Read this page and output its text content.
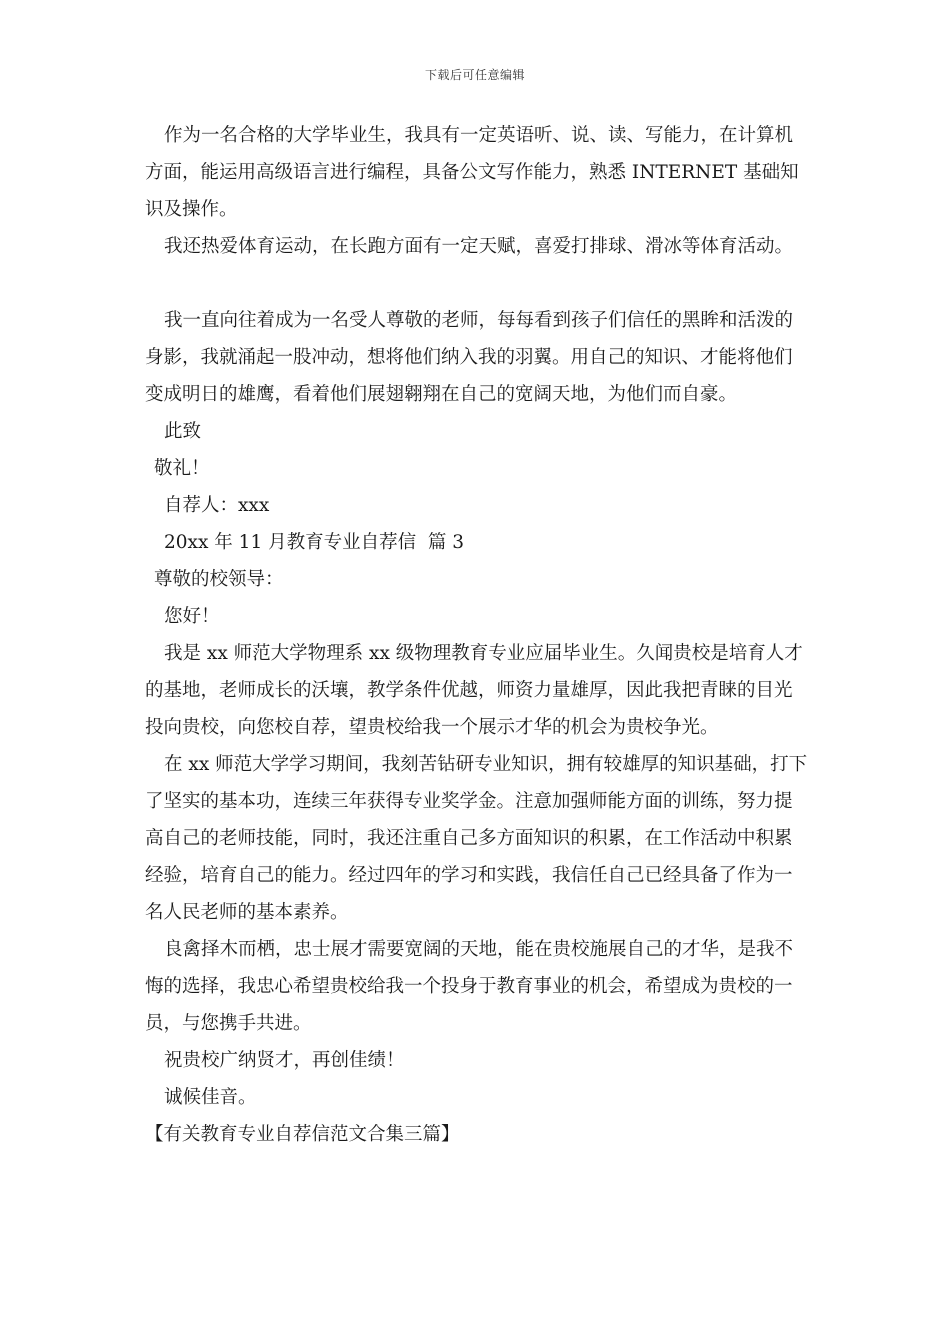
下载后可任意编辑

作为一名合格的大学毕业生，我具有一定英语听、说、读、写能力，在计算机方面，能运用高级语言进行编程，具备公文写作能力，熟悉 INTERNET 基础知识及操作。

我还热爱体育运动，在长跑方面有一定天赋，喜爱打排球、滑冰等体育活动。

我一直向往着成为一名受人尊敬的老师，每每看到孩子们信任的黑眸和活泼的身影，我就涌起一股冲动，想将他们纳入我的羽翼。用自己的知识、才能将他们变成明日的雄鹰，看着他们展翅翱翔在自己的宽阔天地，为他们而自豪。

此致

敬礼！

自荐人：xxx

20xx 年 11 月教育专业自荐信  篇 3

尊敬的校领导：

您好！

我是 xx 师范大学物理系 xx 级物理教育专业应届毕业生。久闻贵校是培育人才的基地，老师成长的沃壤，教学条件优越，师资力量雄厚，因此我把青睐的目光投向贵校，向您校自荐，望贵校给我一个展示才华的机会为贵校争光。

在 xx 师范大学学习期间，我刻苦钻研专业知识，拥有较雄厚的知识基础，打下了坚实的基本功，连续三年获得专业奖学金。注意加强师能方面的训练，努力提高自己的老师技能，同时，我还注重自己多方面知识的积累，在工作活动中积累经验，培育自己的能力。经过四年的学习和实践，我信任自己已经具备了作为一名人民老师的基本素养。

良禽择木而栖，忠士展才需要宽阔的天地，能在贵校施展自己的才华，是我不悔的选择，我忠心希望贵校给我一个投身于教育事业的机会，希望成为贵校的一员，与您携手共进。

祝贵校广纳贤才，再创佳绩！

诚候佳音。

【有关教育专业自荐信范文合集三篇】
